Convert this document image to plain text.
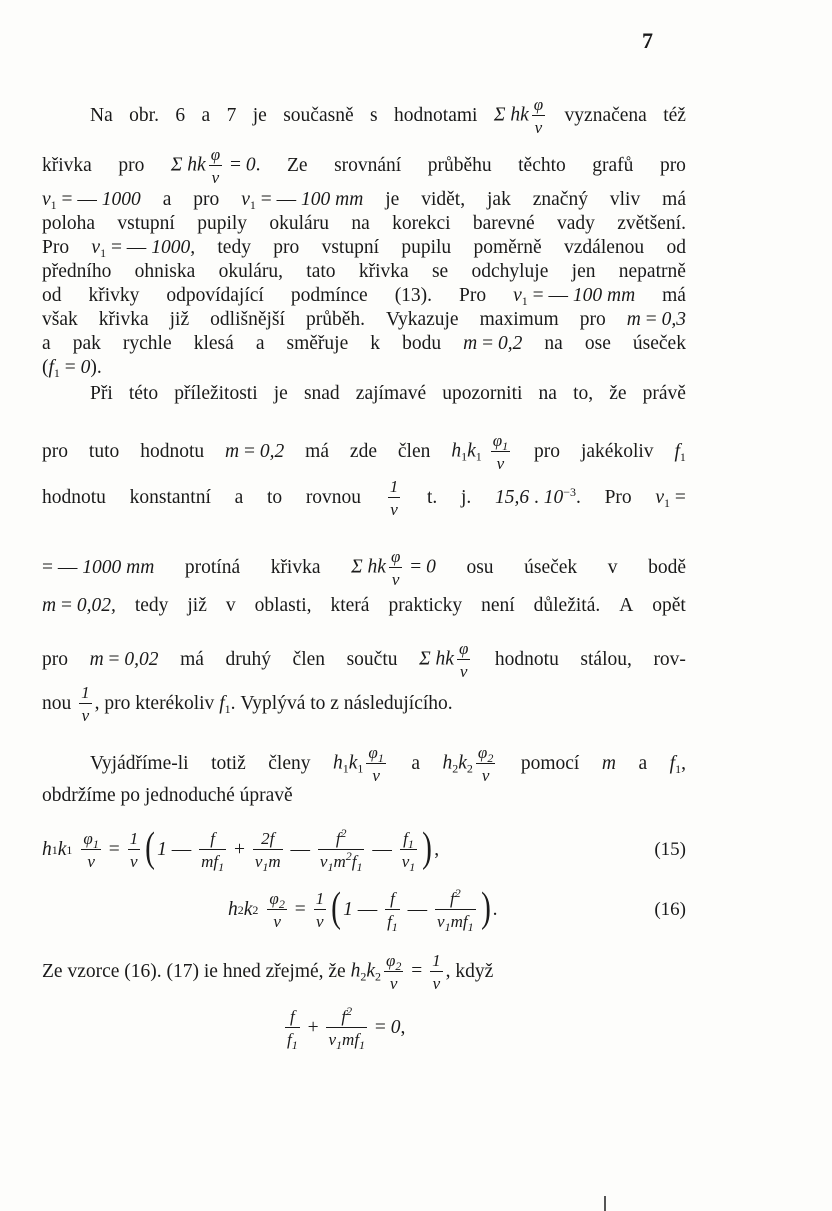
7
Na obr. 6 a 7 je současně s hodnotami Σ hk $\frac{\varphi}{v}$ vyznačena též
křivka pro Σ hk $\frac{\varphi}{v} = 0$. Ze srovnání průběhu těchto grafů pro
$v_1$ = — 1000 a pro $v_1$ = — 100 mm je vidět, jak značný vliv má
poloha vstupní pupily okuláru na korekci barevné vady zvětšení.
Pro $v_1$ = — 1000, tedy pro vstupní pupilu poměrně vzdálenou od
předního ohniska okuláru, tato křivka se odchyluje jen nepatrně
od křivky odpovídající podmínce (13). Pro $v_1$ = — 100 mm má
však křivka již odlišnější průběh. Vykazuje maximum pro m = 0,3
a pak rychle klesá a směřuje k bodu m = 0,2 na ose úseček
$(f_1 = 0)$.
Při této příležitosti je snad zajímavé upozorniti na to, že právě
pro tuto hodnotu m = 0,2 má zde člen $h_1k_1 \frac{\varphi_1}{v}$ pro jakékoliv $f_1$
hodnotu konstantní a to rovnou $\frac{1}{v} t$. j. 15,6 . $10^{-3}$. Pro $v_1$ =
= — 1000 mm protíná křivka Σ hk $\frac{\varphi}{v} = 0$ osu úseček v bodě
m = 0,02, tedy již v oblasti, která prakticky není důležitá. A opět
pro m = 0,02 má druhý člen součtu Σ hk $\frac{\varphi}{v}$ hodnotu stálou, rov-
nou $\frac{1}{v}$ , pro kterékoliv $f_1$. Vyplývá to z následujícího.
Vyjádříme-li totiž členy $h_1k_1 \frac{\varphi_1}{v}$ a $h_2k_2 \frac{\varphi_2}{v}$ pomocí m a $f_1$,
obdržíme po jednoduché úpravě
h 1 k $1 \frac{\varphi_1}{v} = \frac{1}{v}$ ( 1 — $\frac{f}{mf_1} + \frac{2f}{v_1m}$ — $\frac{f^2}{v_1m^2f_1}$ — $\frac{f_1}{v_1}$ ) ,	(15)
h 2 k $2 \frac{\varphi_2}{v} = \frac{1}{v}$ ( 1 — $\frac{f}{f_1}$ — $\frac{f^2}{v_1mf_1}$ ) .	(16)
$\frac{f}{f_1} + \frac{f^2}{v_1mf_1} = 0$ ,
Ze vzorce (16). (17) ie hned zřejmé, že $h_2k_2 \frac{\varphi_2}{v} = \frac{1}{v}$ , když
